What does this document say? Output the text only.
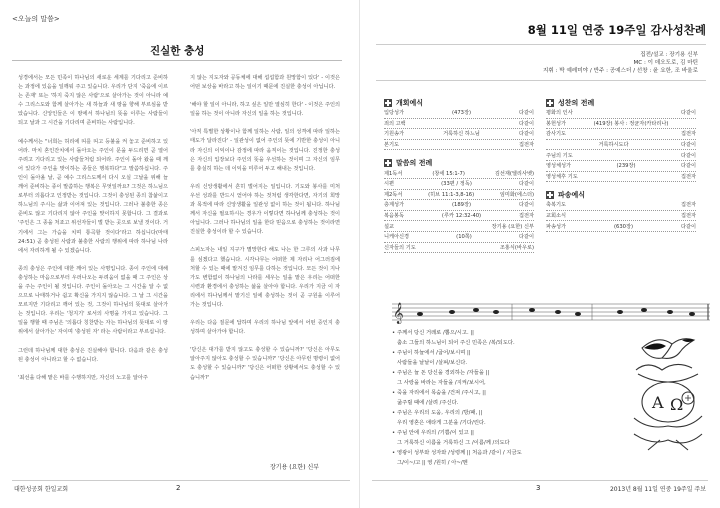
<오늘의 말씀>
진실한 충성

성경에서는 모든 민족이 하나님의 새로운 세계를 기다리고 준비하는 과정에 있음을 일깨워 주고 있습니다. 우리가 단지 '죽음에 이르는 존재' 또는 '하지 죽지 않은 사람'으로 살아가는 것이 아니라 예수 그리스도와 함께 살아가는 새 하늘과 새 땅을 향해 부르심을 받았습니다. 신앙인들은 이 땅에서 하나님의 뜻을 이루는 사람들이 되고 날과 그 시간을 기다리며 준비하는 사람입니다.

예수께서는 "너희는 허리에 띠를 띠고 등불을 켜 놓고 준비하고 있어라. 마치 혼인잔치에서 돌아오는 주인이 문을 두드리면 곧 열어 주려고 기다리고 있는 사람들처럼 되어라. 주인이 돌아 왔을 때 깨어 있다가 주인을 맞이하는 종들은 행복하다"고 말씀하십니다. 주인이 돌아올 날, 곧 예수 그리스도께서 다시 오실 그날을 위해 늘 깨어 준비하는 종이 말씀하는 행복은 무엇일까요? 그것은 하느님으로부터 의롭다고 인정받는 것입니다. 그것이 충성된 종의 참삶이고 하느님의 주시는 삶과 이어져 있는 것입니다. 그러나 불충한 종은 준비도 않고 기다리지 않아 주인을 맞이하지 못합니다. 그 결과로 '주인은 그 종을 처죠고 위선자들이 벌 받는 곳으로 보낼 것이다. 거기에서 그는 가슴을 치며 통곡할 것이다'라고 하십니다(마태 24:51) 곧 충성된 사람과 불충한 사람의 행위에 따라 하나님 나라에서 자리하게 될 수 있겠습니다.

종의 충성은 주인에 대한 깨어 있는 사명입니다. 종이 주인에 대해 충성하는 마음으로부터 우러나오는 두려움이 없을 때 그 주인은 상을 주는 주인이 될 것입니다. 주인이 돌아오는 그 시간을 알 수 없으므로 나태하거나 쉽고 확신을 가지지 않습니다. 그 날 그 시간을 모르지만 기다리고 깨어 있는 것, 그것이 하나님의 뜻대로 살아가는 것입니다. 우리는 '청지기' 로서의 사명을 가지고 있습니다. 그 일을 행할 때 주님은 '의롭다 칭찬받는 자는 하나님의 뜻대로 이 땅 위에서 살아가는' 자이며 '충성된 자' 라는 사람이라고 부르십니다.

그런데 하나님께 대한 충성은 진실해야 합니다. 다음과 같은 충성된 충성이 아니라고 할 수 없습니다.

'최선을 다해 맡은 바를 수행하지만, 자신의 노고를 알아주

지 않는 지도자와 공동체에 대해 섭섭함과 원망함이 있다' - 이것은 어떤 보상을 바라고 하는 일이기 때문에 진실한 충성이 아닙니다.

'해야 할 일이 아니라, 하고 싶은 일만 열심히 한다' - 이것은 주인의 일을 하는 것이 아니라 자신의 일을 하는 것입니다.

'아직 특별한 상황이나 함께 일하는 사람, 일의 성격에 따라 일하는 태도가 달라진다' - 일관성이 없어 주인의 뜻에 기반한 충성이 아니라 자신의 이익이나 감정에 따라 움직이는 것입니다. 진정한 충성은 자신의 입장보다 주인의 뜻을 우선하는 것이며 그 자신의 임무를 충실히 하는 데 이익을 미루어 두고 해내는 것입니다.

우리 신앙생활에서 흔히 벌어지는 일입니다. 기도와 봉사를 미처 우선 성과를 반드시 얻어야 하는 것처럼 생각한다면, 자기의 희망과 목적에 따라 신앙생활을 일관성 없이 하는 것이 됩니다. 하나님께서 자신을 필요하시는 경우가 이렇다면 하나님께 충성하는 것이 아닙니다. 그러나 하나님의 일을 한다 믿음으로 충성하는 것이라면 진실한 충성이라 할 수 있습니다.

스피노자는 내일 지구가 멸망한다 해도 나는 한 그루의 사과 나무를 심겠다고 했습니다. 시각나무는 어떠한 제 자리나 어그러짐에 처할 수 있는 때에 맡겨진 임무를 다하는 것입니다. 모든 것이 지나가도 변함없이 하나님의 나라를 세우는 일을 맡은 우리는 어떠한 시련과 환경에서 충성하는 삶을 살아야 합니다. 우리가 지금 이 자리에서 하나님께서 맡기신 일에 충성하는 것이 곧 구원을 이루어 가는 것입니다.

우리는 다음 질문에 답하며 우리의 하나님 앞에서 어떤 증인지 충성하며 살아가야 합니다.

'당신은 대가를 받지 않고도 충성할 수 있습니까?' '당신은 아무도 알아주지 않아도 충성할 수 있습니까?' '당신은 아무런 명령이 없어도 충성할 수 있습니까?' '당신은 어떠한 상황에서도 충성할 수 있습니까?'

장기용 (요한) 신부
대한성공회 한일교회	2
8월 11일 연중 19주일 감사성찬례
집전/설교 : 장기용 신부
MC : 이 데오도로, 김 마틴
지휘 : 박 예레미야 / 반주 : 공예스더 / 선창 : 윤 요한, 조 바울로
개회예식
입당성가	(473장)	다같이
죄의 고백	다같이
기원송가	거룩하신 하느님	다같이
본기도	집전자
말씀의 전례
제1독서	(창세 15:1-7)	김선재(엘리사벳)
시편	(33편 / 정독)	다같이
제2독서	(히브 11:1-3,8-16)	임미화(에스더)
층계성가	(189장)	다같이
복음봉독	(루카 12:32-40)	집전자
설교	장기용 (요한) 신부
니케아신경	(10쪽)	다같이
신자들의 기도	조홍식(바우로)
성찬의 전례
평화의 인사	다같이
봉헌성가	(419장) 봉사 : 정균자(카타리나)
감사기도	집전자
거룩하시도다	다같이
주님의 기도	다같이
영성체성가	(239장)	다같이
영성체후 기도	집전자
파송예식
축복기도	집전자
교회소식	집전자
파송성가	(630장)	다같이
𝄞
• 주께서 당신 거레로 /뽑으/시고. ||
춤소 그들의 하느님이 되어 주신 민족은 /복/되도다.
• 주님이 하늘에서 /굽어/보시며 ||
사람들을 낱낱이 /살펴/보신다.
• 주님은 늘 돈 당신을 경외하는 /자들을 ||
그 사랑을 바라는 자들을 /지켜/보시어,
• 죽을 자리에서 목숨을 /건져 /주시고, ||
굶주릴 때에 /살려 /주신다.
• 주님은 우리의 도움, 우리의 /방/패, ||
우리 영혼은 애타게 그분을 /기다/린다.
• 주님 안에 우리의 /기쁨/이 있고 ||
그 거룩하신 이름을 거룩하신 그 /이름/께 /의도다
• 영광이 성부와 성자와 /성령께 || 처음과 /같이 / 지금도
그/이~/고 || 영 /원히 / 아~/멘
A Ω
3	2013년 8월 11일 연중 19주일 주보
